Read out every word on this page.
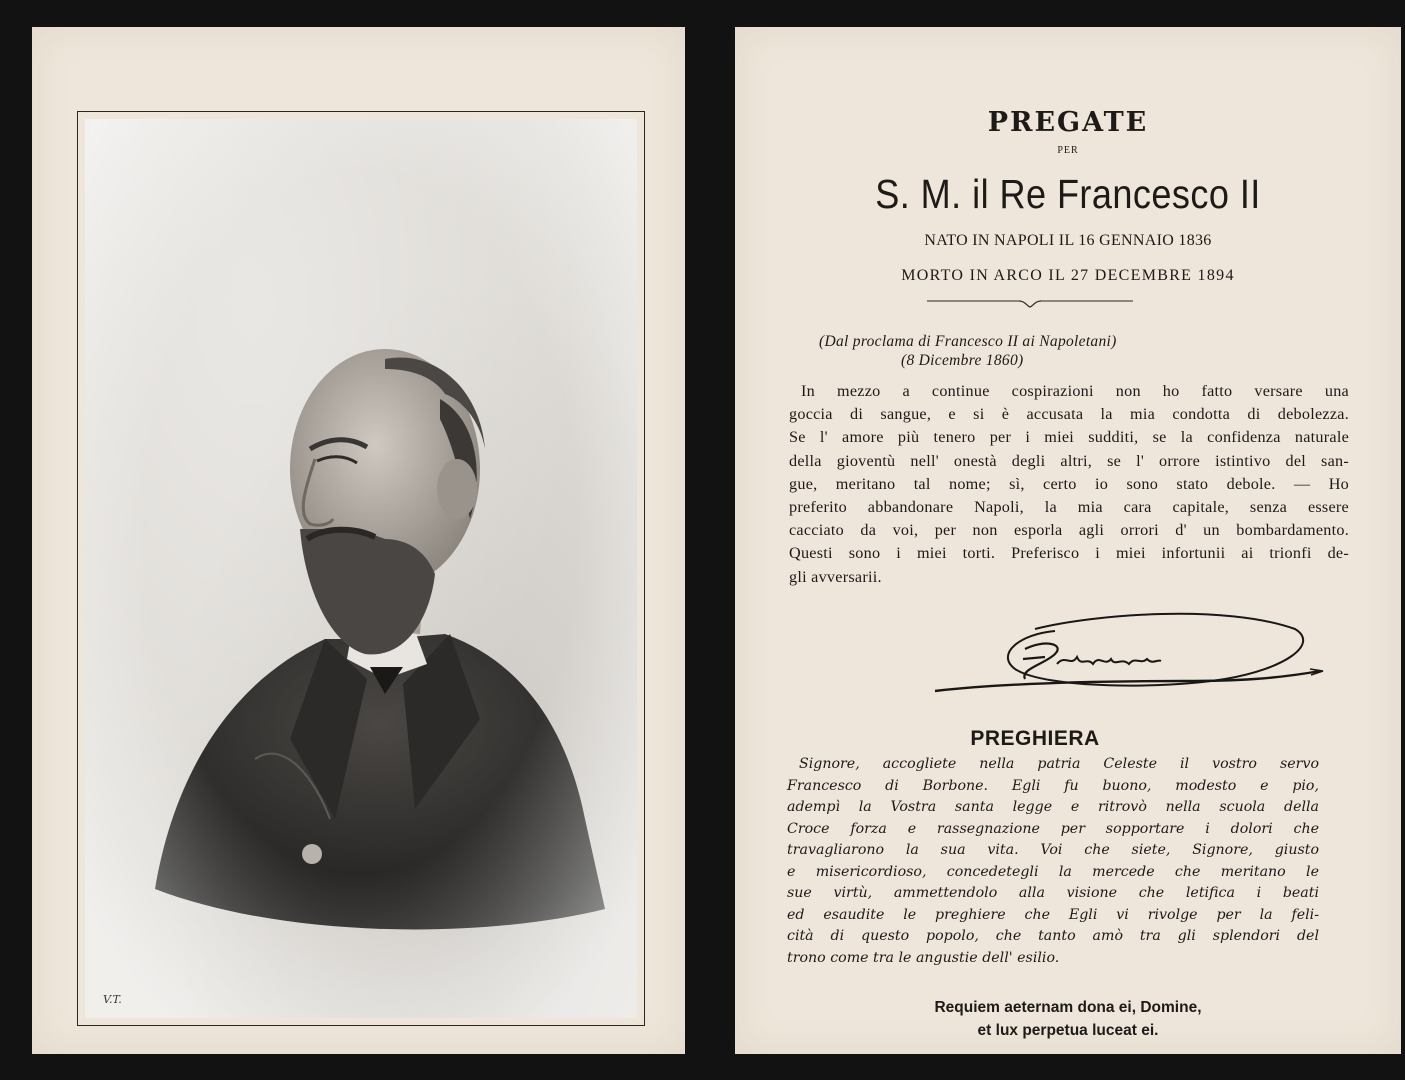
V.T.
PREGATE
PER
S. M. il Re Francesco II
NATO IN NAPOLI IL 16 GENNAIO 1836
MORTO IN ARCO IL 27 DECEMBRE 1894
(Dal proclama di Francesco II ai Napoletani)
(8 Dicembre 1860)
In mezzo a continue cospirazioni non ho fatto versare una
goccia di sangue, e si è accusata la mia condotta di debolezza.
Se l' amore più tenero per i miei sudditi, se la confidenza naturale
della gioventù nell' onestà degli altri, se l' orrore istintivo del san-
gue, meritano tal nome; sì, certo io sono stato debole. — Ho
preferito abbandonare Napoli, la mia cara capitale, senza essere
cacciato da voi, per non esporla agli orrori d' un bombardamento.
Questi sono i miei torti. Preferisco i miei infortunii ai trionfi de-
gli avversarii.
PREGHIERA
Signore, accogliete nella patria Celeste il vostro servo
Francesco di Borbone. Egli fu buono, modesto e pio,
adempì la Vostra santa legge e ritrovò nella scuola della
Croce forza e rassegnazione per sopportare i dolori che
travagliarono la sua vita. Voi che siete, Signore, giusto
e misericordioso, concedetegli la mercede che meritano le
sue virtù, ammettendolo alla visione che letifica i beati
ed esaudite le preghiere che Egli vi rivolge per la feli-
cità di questo popolo, che tanto amò tra gli splendori del
trono come tra le angustie dell' esilio.
Requiem aeternam dona ei, Domine,
et lux perpetua luceat ei.
